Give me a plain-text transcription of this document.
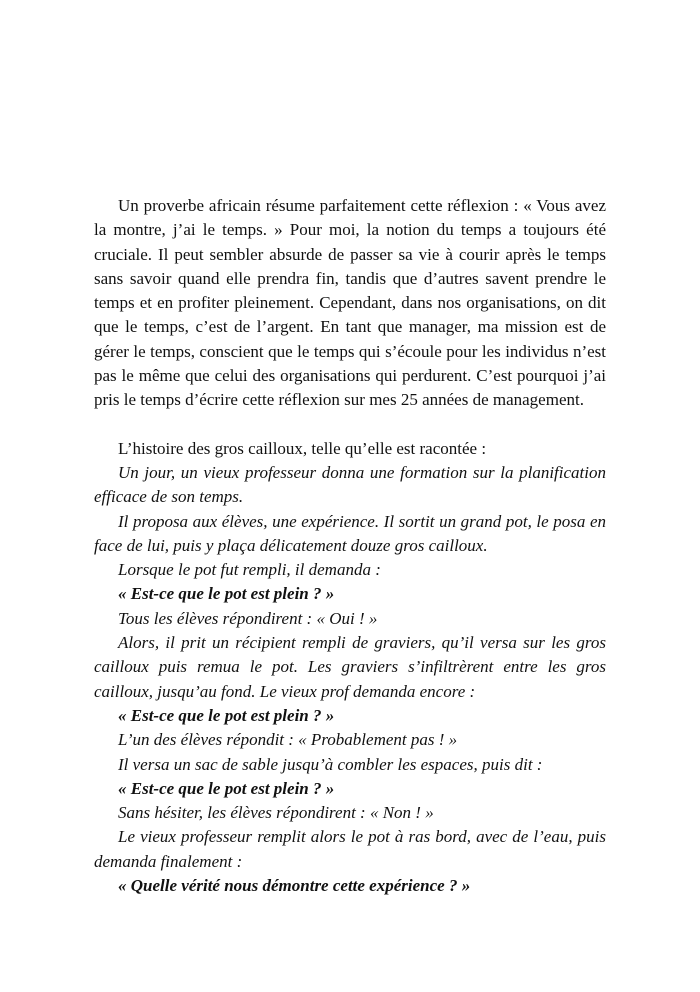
Un proverbe africain résume parfaitement cette réflexion : « Vous avez la montre, j’ai le temps. » Pour moi, la notion du temps a toujours été cruciale. Il peut sembler absurde de passer sa vie à courir après le temps sans savoir quand elle prendra fin, tandis que d’autres savent prendre le temps et en profiter pleinement. Cependant, dans nos organisations, on dit que le temps, c’est de l’argent. En tant que manager, ma mission est de gérer le temps, conscient que le temps qui s’écoule pour les individus n’est pas le même que celui des organisations qui perdurent. C’est pourquoi j’ai pris le temps d’écrire cette réflexion sur mes 25 années de management.

L’histoire des gros cailloux, telle qu’elle est racontée :

Un jour, un vieux professeur donna une formation sur la planification efficace de son temps.

Il proposa aux élèves, une expérience. Il sortit un grand pot, le posa en face de lui, puis y plaça délicatement douze gros cailloux.

Lorsque le pot fut rempli, il demanda :

« Est-ce que le pot est plein ? »

Tous les élèves répondirent : « Oui ! »

Alors, il prit un récipient rempli de graviers, qu’il versa sur les gros cailloux puis remua le pot. Les graviers s’infiltrèrent entre les gros cailloux, jusqu’au fond. Le vieux prof demanda encore :

« Est-ce que le pot est plein ? »

L’un des élèves répondit : « Probablement pas ! »

Il versa un sac de sable jusqu’à combler les espaces, puis dit :

« Est-ce que le pot est plein ? »

Sans hésiter, les élèves répondirent : « Non ! »

Le vieux professeur remplit alors le pot à ras bord, avec de l’eau, puis demanda finalement :

« Quelle vérité nous démontre cette expérience ? »
